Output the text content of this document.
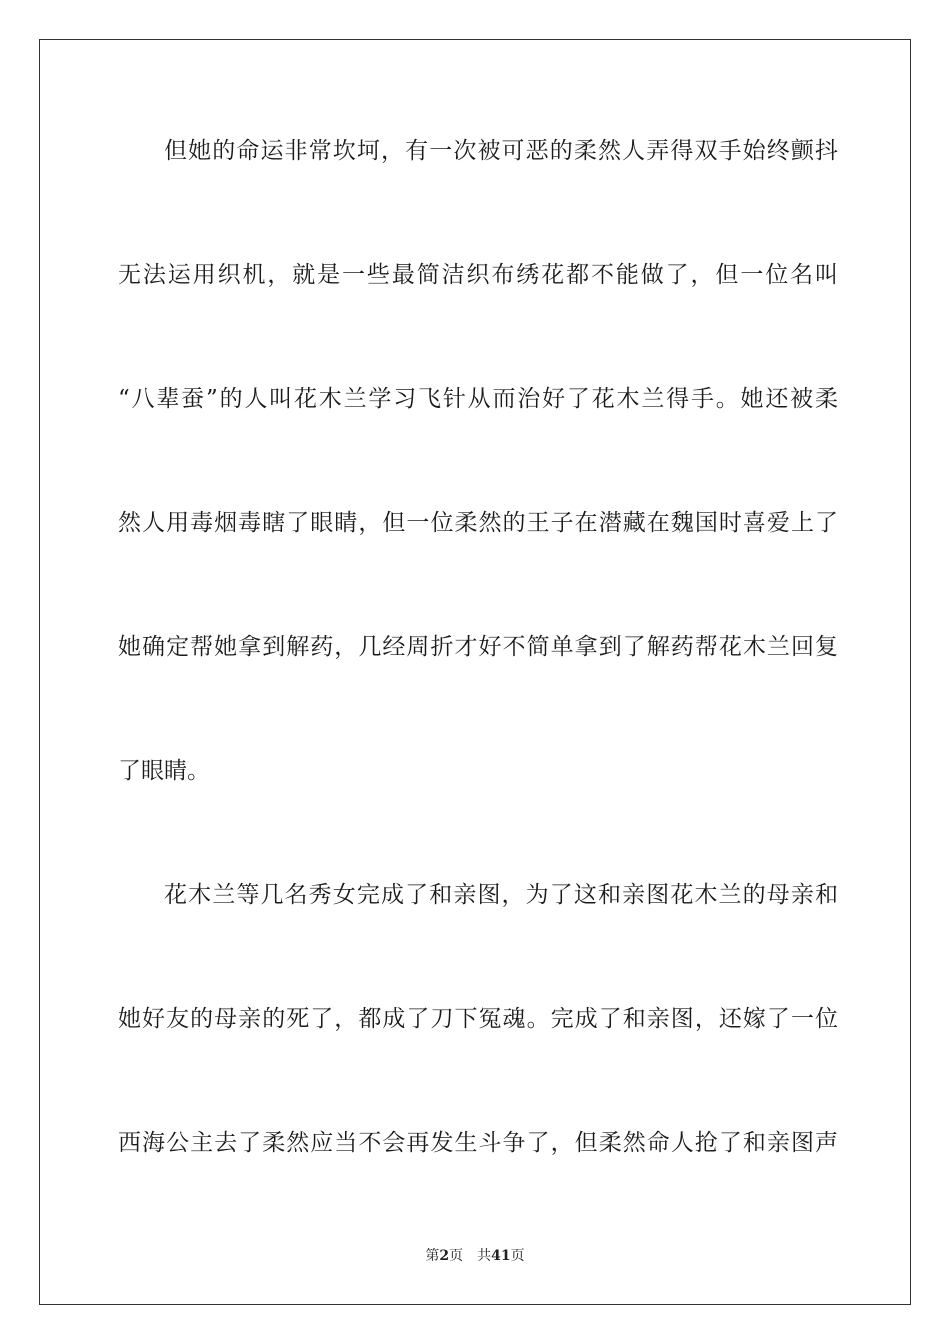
但她的命运非常坎坷，有一次被可恶的柔然人弄得双手始终颤抖
无法运用织机，就是一些最简洁织布绣花都不能做了，但一位名叫
“八辈蚕”的人叫花木兰学习飞针从而治好了花木兰得手。她还被柔
然人用毒烟毒瞎了眼睛，但一位柔然的王子在潜藏在魏国时喜爱上了
她确定帮她拿到解药，几经周折才好不简单拿到了解药帮花木兰回复
了眼睛。
花木兰等几名秀女完成了和亲图，为了这和亲图花木兰的母亲和
她好友的母亲的死了，都成了刀下冤魂。完成了和亲图，还嫁了一位
西海公主去了柔然应当不会再发生斗争了，但柔然命人抢了和亲图声
第2页 共41页
